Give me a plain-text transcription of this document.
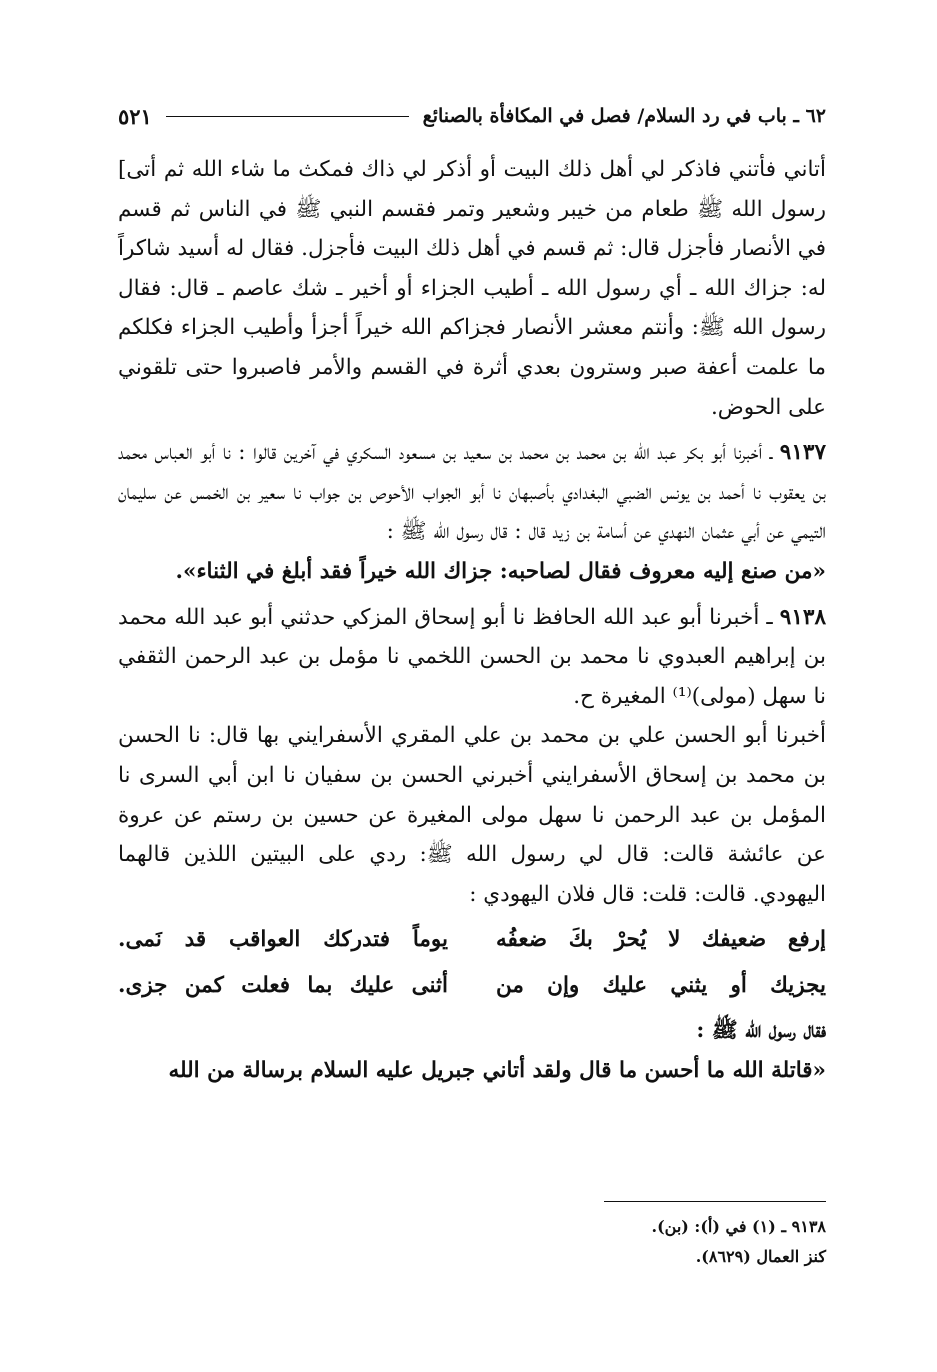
٦٢ ـ باب في رد السلام/ فصل في المكافأة بالصنائع
٥٢١

أتاني فأتني فاذكر لي أهل ذلك البيت أو أذكر لي ذاك فمكث ما شاء الله ثم أتى] رسول الله ﷺ طعام من خيبر وشعير وتمر فقسم النبي ﷺ في الناس ثم قسم في الأنصار فأجزل قال: ثم قسم في أهل ذلك البيت فأجزل. فقال له أسيد شاكراً له: جزاك الله ـ أي رسول الله ـ أطيب الجزاء أو أخير ـ شك عاصم ـ قال: فقال رسول الله ﷺ: وأنتم معشر الأنصار فجزاكم الله خيراً أجزأ وأطيب الجزاء فكلكم ما علمت أعفة صبر وسترون بعدي أثرة في القسم والأمر فاصبروا حتى تلقوني على الحوض.

٩١٣٧ ـ أخبرنا أبو بكر عبد الله بن محمد بن محمد بن سعيد بن مسعود السكري في آخرين قالوا : نا أبو العباس محمد بن يعقوب نا أحمد بن يونس الضبي البغدادي بأصبهان نا أبو الجواب الأحوص بن جواب نا سعير بن الخمس عن سليمان التيمي عن أبي عثمان النهدي عن أسامة بن زيد قال : قال رسول الله ﷺ :

«من صنع إليه معروف فقال لصاحبه: جزاك الله خيراً فقد أبلغ في الثناء».

٩١٣٨ ـ أخبرنا أبو عبد الله الحافظ نا أبو إسحاق المزكي حدثني أبو عبد الله محمد بن إبراهيم العبدوي نا محمد بن الحسن اللخمي نا مؤمل بن عبد الرحمن الثقفي نا سهل (مولى)⁽¹⁾ المغيرة ح.

أخبرنا أبو الحسن علي بن محمد بن علي المقري الأسفرايني بها قال: نا الحسن بن محمد بن إسحاق الأسفرايني أخبرني الحسن بن سفيان نا ابن أبي السرى نا المؤمل بن عبد الرحمن نا سهل مولى المغيرة عن حسين بن رستم عن عروة عن عائشة قالت: قال لي رسول الله ﷺ: ردي على البيتين اللذين قالهما اليهودي. قالت: قلت: قال فلان اليهودي :

إرفع ضعيفك لا يُحرْ بكَ ضعفُه
يوماً فتدركك العواقب قد نَمى.
يجزيك أو يثني عليك وإن من
أثنى عليك بما فعلت كمن جزى.

فقال رسول الله ﷺ :

«قاتلة الله ما أحسن ما قال ولقد أتاني جبريل عليه السلام برسالة من الله

٩١٣٨ ـ (١) في (أ): (بن).

كنز العمال (٨٦٢٩).
